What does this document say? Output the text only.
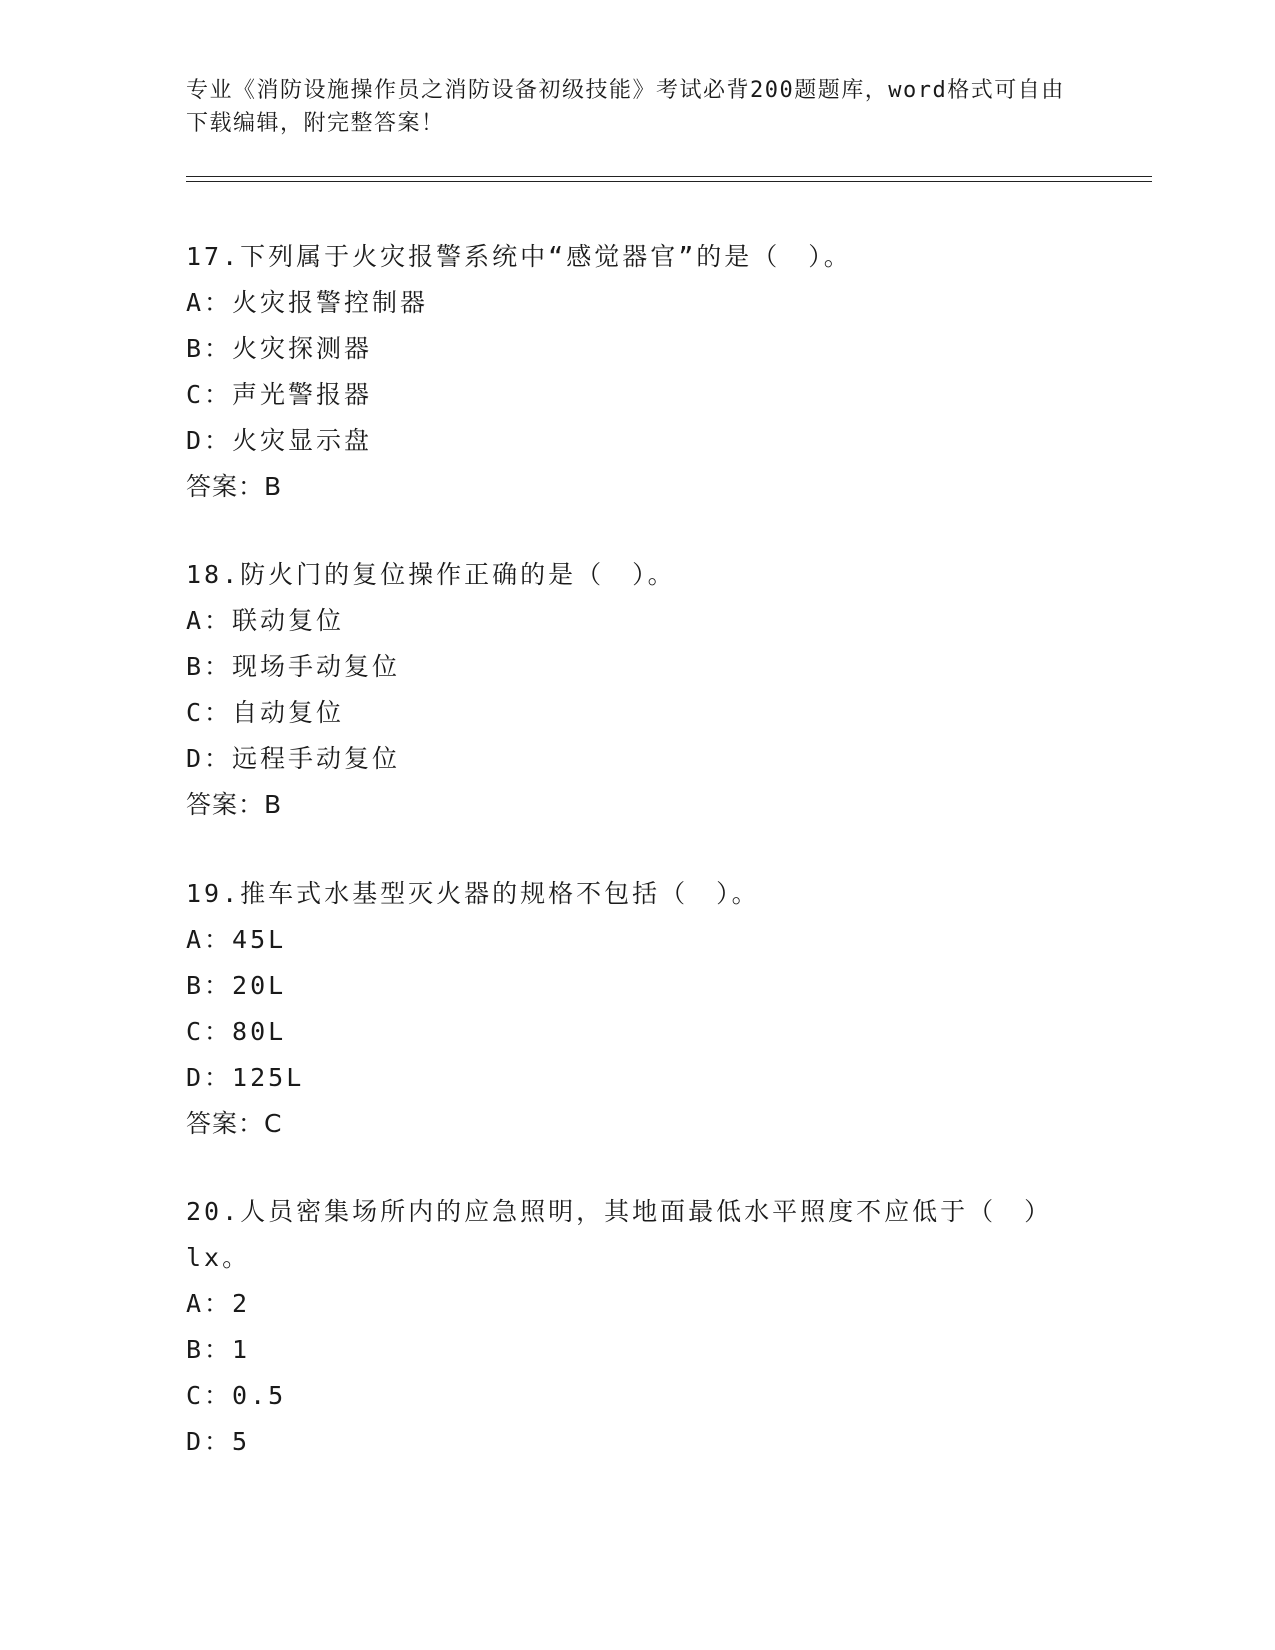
专业《消防设施操作员之消防设备初级技能》考试必背200题题库，word格式可自由下载编辑，附完整答案！
17.下列属于火灾报警系统中“感觉器官”的是（　）。
A：火灾报警控制器
B：火灾探测器
C：声光警报器
D：火灾显示盘
答案：B
18.防火门的复位操作正确的是（　）。
A：联动复位
B：现场手动复位
C：自动复位
D：远程手动复位
答案：B
19.推车式水基型灭火器的规格不包括（　）。
A：45L
B：20L
C：80L
D：125L
答案：C
20.人员密集场所内的应急照明，其地面最低水平照度不应低于（　）lx。
A：2
B：1
C：0.5
D：5
